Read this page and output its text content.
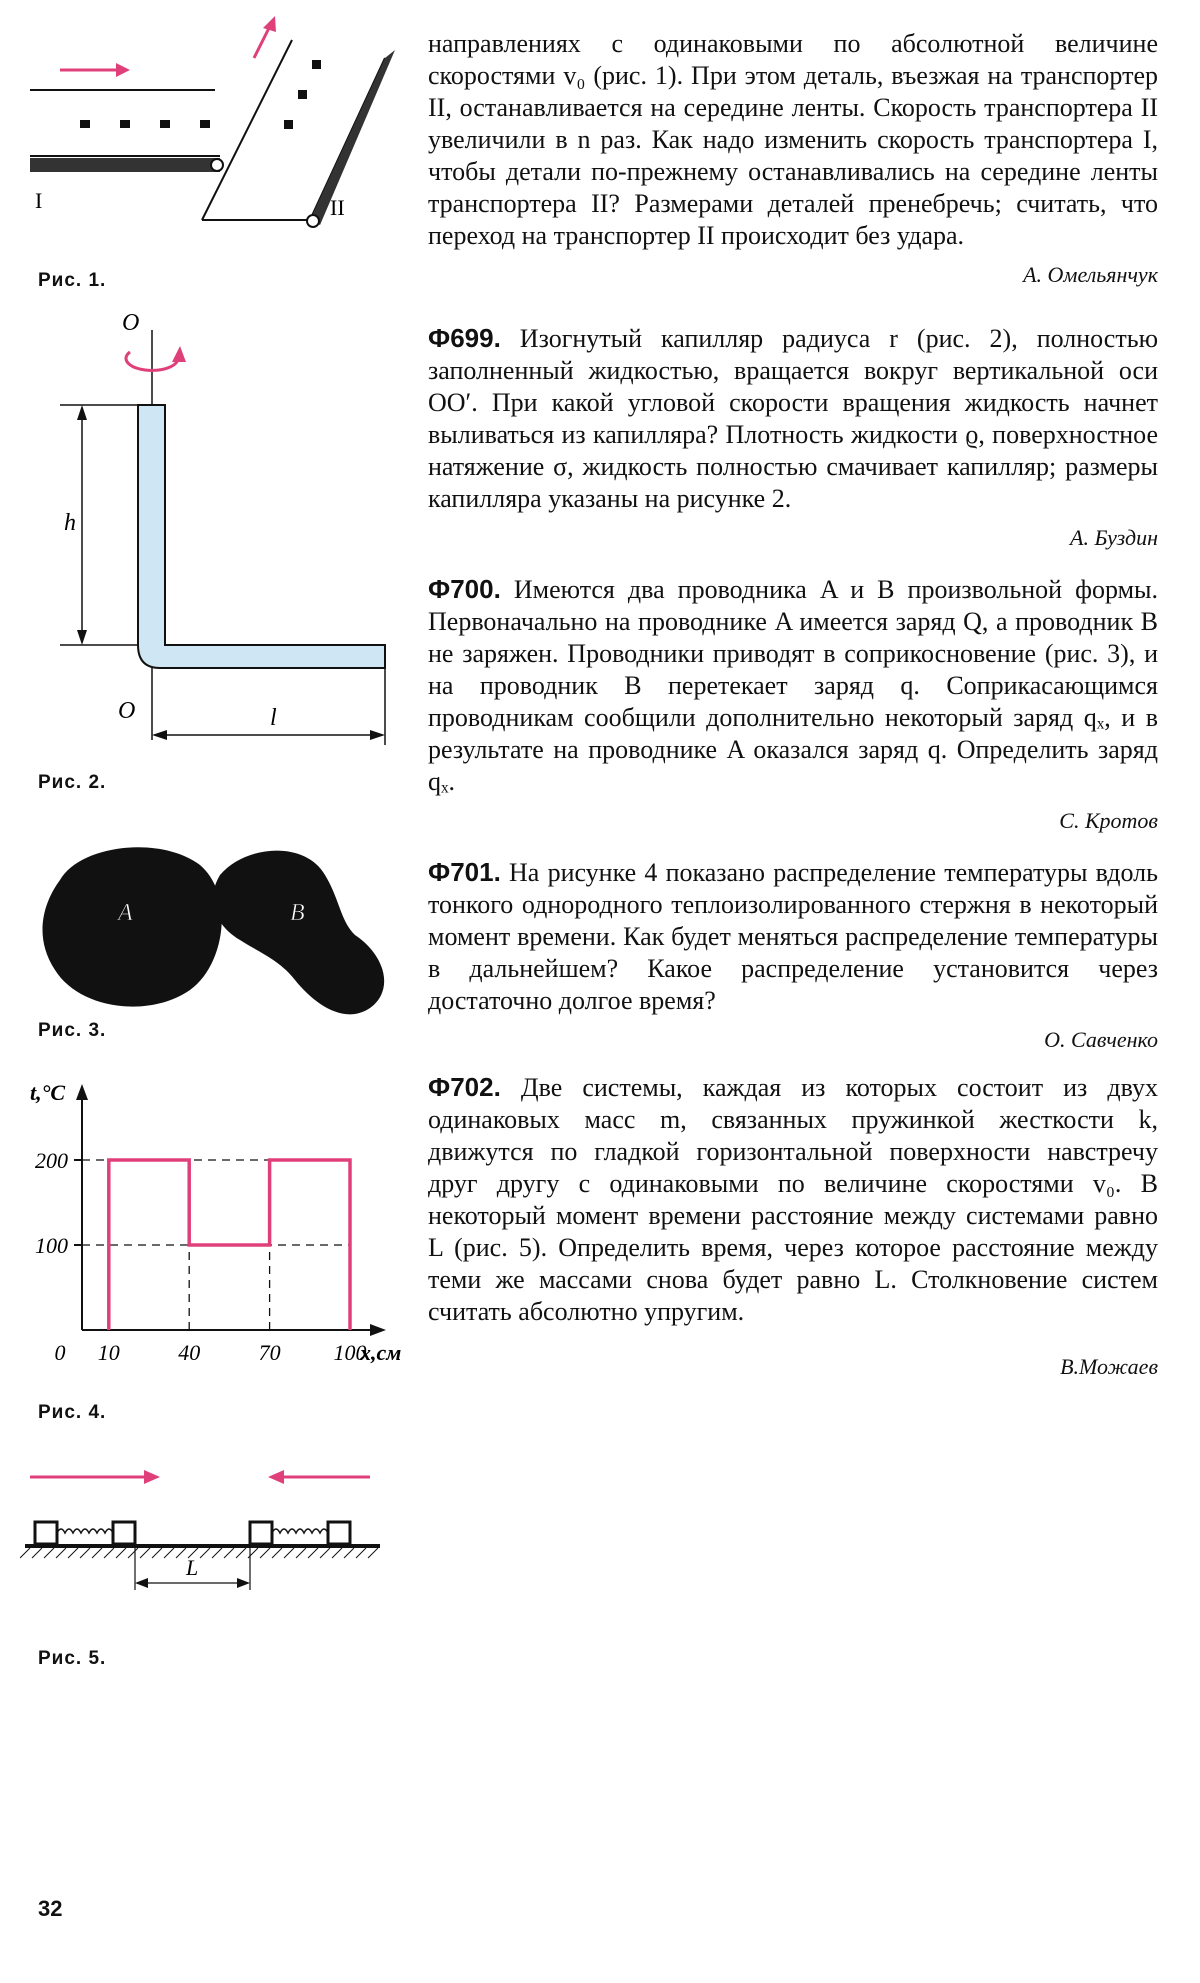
I	II
Рис. 1.
O
h
l
O
Рис. 2.
A	B
Рис. 3.
t,°C
x,см
100
200
0 10	40	70 100
Рис. 4.
L
Рис. 5.

направлениях с одинаковыми по абсолютной величине скоростями v₀ (рис. 1). При этом деталь, въезжая на транспортер II, останавливается на середине ленты. Скорость транспортера II увеличили в n раз. Как надо изменить скорость транспортера I, чтобы детали по-прежнему останавливались на середине ленты транспортера II? Размерами деталей пренебречь; считать, что переход на транспортер II происходит без удара.

А. Омельянчук

Ф699. Изогнутый капилляр радиуса r (рис. 2), полностью заполненный жидкостью, вращается вокруг вертикальной оси OO′. При какой угловой скорости вращения жидкость начнет выливаться из капилляра? Плотность жидкости ϱ, поверхностное натяжение σ, жидкость полностью смачивает капилляр; размеры капилляра указаны на рисунке 2.

А. Буздин

Ф700. Имеются два проводника A и B произвольной формы. Первоначально на проводнике A имеется заряд Q, а проводник B не заряжен. Проводники приводят в соприкосновение (рис. 3), и на проводник B перетекает заряд q. Соприкасающимся проводникам сообщили дополнительно некоторый заряд qₓ, и в результате на проводнике A оказался заряд q. Определить заряд qₓ.

С. Кротов

Ф701. На рисунке 4 показано распределение температуры вдоль тонкого однородного теплоизолированного стержня в некоторый момент времени. Как будет меняться распределение температуры в дальнейшем? Какое распределение установится через достаточно долгое время?

О. Савченко

Ф702. Две системы, каждая из которых состоит из двух одинаковых масс m, связанных пружинкой жесткости k, движутся по гладкой горизонтальной поверхности навстречу друг другу с одинаковыми по величине скоростями v₀. В некоторый момент времени расстояние между системами равно L (рис. 5). Определить время, через которое расстояние между теми же массами снова будет равно L. Столкновение систем считать абсолютно упругим.

В.Можаев

32
